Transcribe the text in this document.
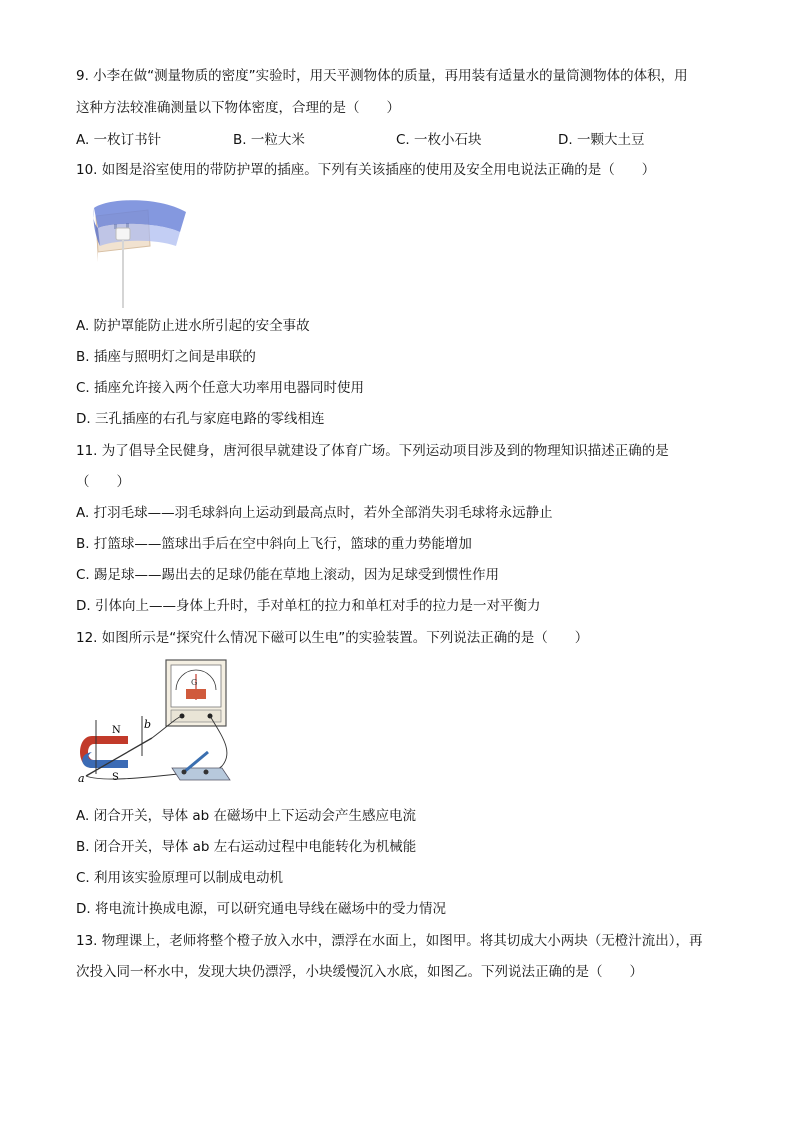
9. 小李在做“测量物质的密度”实验时，用天平测物体的质量，再用装有适量水的量筒测物体的体积，用
这种方法较准确测量以下物体密度，合理的是（　　）
A. 一枚订书针	B. 一粒大米	C. 一枚小石块	D. 一颗大土豆
10. 如图是浴室使用的带防护罩的插座。下列有关该插座的使用及安全用电说法正确的是（　　）
A. 防护罩能防止进水所引起的安全事故
B. 插座与照明灯之间是串联的
C. 插座允许接入两个任意大功率用电器同时使用
D. 三孔插座的右孔与家庭电路的零线相连
11. 为了倡导全民健身，唐河很早就建设了体育广场。下列运动项目涉及到的物理知识描述正确的是
（　　）
A. 打羽毛球——羽毛球斜向上运动到最高点时，若外全部消失羽毛球将永远静止
B. 打篮球——篮球出手后在空中斜向上飞行，篮球的重力势能增加
C. 踢足球——踢出去的足球仍能在草地上滚动，因为足球受到惯性作用
D. 引体向上——身体上升时，手对单杠的拉力和单杠对手的拉力是一对平衡力
12. 如图所示是“探究什么情况下磁可以生电”的实验装置。下列说法正确的是（　　）
G
N
S
a
b
A. 闭合开关，导体 ab 在磁场中上下运动会产生感应电流
B. 闭合开关，导体 ab 左右运动过程中电能转化为机械能
C. 利用该实验原理可以制成电动机
D. 将电流计换成电源，可以研究通电导线在磁场中的受力情况
13. 物理课上，老师将整个橙子放入水中，漂浮在水面上，如图甲。将其切成大小两块（无橙汁流出），再
次投入同一杯水中，发现大块仍漂浮，小块缓慢沉入水底，如图乙。下列说法正确的是（　　）
